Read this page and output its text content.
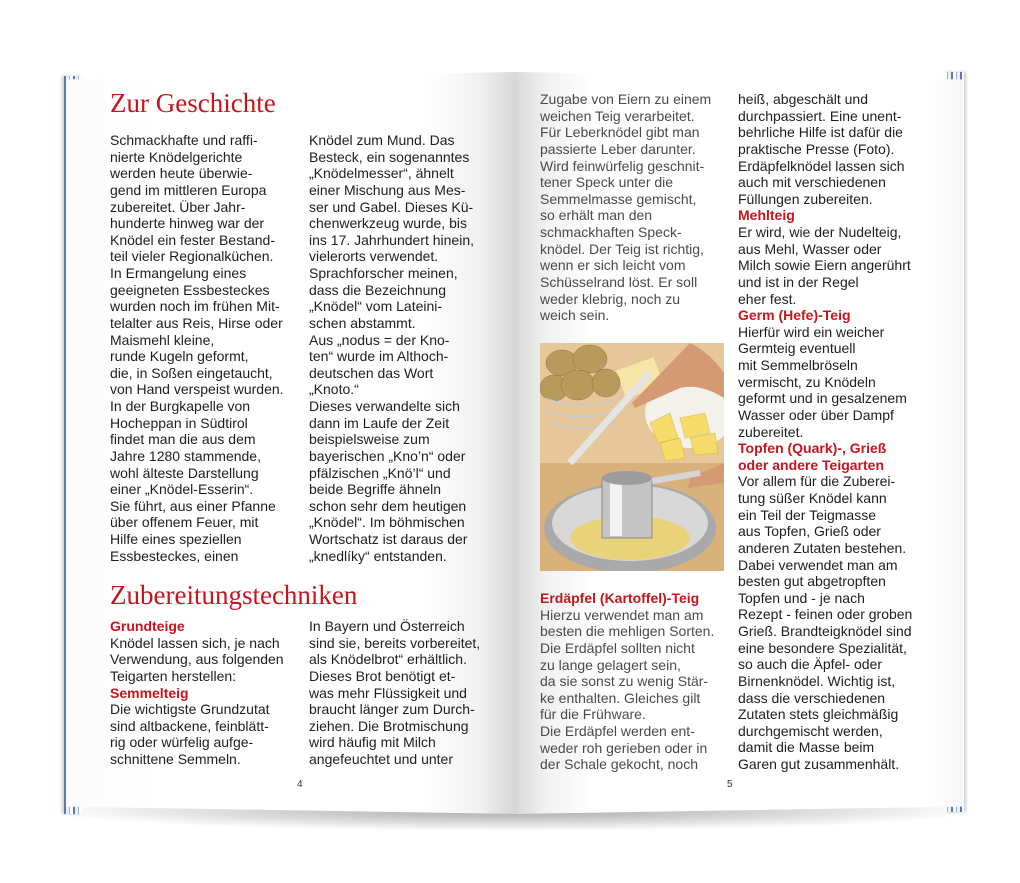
Zur Geschichte
Schmackhafte und raffi-
nierte Knödelgerichte
werden heute überwie-
gend im mittleren Europa
zubereitet. Über Jahr-
hunderte hinweg war der
Knödel ein fester Bestand-
teil vieler Regionalküchen.
In Ermangelung eines
geeigneten Essbesteckes
wurden noch im frühen Mit-
telalter aus Reis, Hirse oder
Maismehl kleine,
runde Kugeln geformt,
die, in Soßen eingetaucht,
von Hand verspeist wurden.
In der Burgkapelle von
Hocheppan in Südtirol
findet man die aus dem
Jahre 1280 stammende,
wohl älteste Darstellung
einer „Knödel-Esserin“.
Sie führt, aus einer Pfanne
über offenem Feuer, mit
Hilfe eines speziellen
Essbesteckes, einen
Knödel zum Mund. Das
Besteck, ein sogenanntes
„Knödelmesser“, ähnelt
einer Mischung aus Mes-
ser und Gabel. Dieses Kü-
chenwerkzeug wurde, bis
ins 17. Jahrhundert hinein,
vielerorts verwendet.
Sprachforscher meinen,
dass die Bezeichnung
„Knödel“ vom Lateini-
schen abstammt.
Aus „nodus = der Kno-
ten“ wurde im Althoch-
deutschen das Wort
„Knoto.“
Dieses verwandelte sich
dann im Laufe der Zeit
beispielsweise zum
bayerischen „Kno’n“ oder
pfälzischen „Knö’l“ und
beide Begriffe ähneln
schon sehr dem heutigen
„Knödel“. Im böhmischen
Wortschatz ist daraus der
„knedlíky“ entstanden.
Zubereitungstechniken
Grundteige
Knödel lassen sich, je nach
Verwendung, aus folgenden
Teigarten herstellen:
Semmelteig
Die wichtigste Grundzutat
sind altbackene, feinblätt-
rig oder würfelig aufge-
schnittene Semmeln.
In Bayern und Österreich
sind sie, bereits vorbereitet,
als Knödelbrot“ erhältlich.
Dieses Brot benötigt et-
was mehr Flüssigkeit und
braucht länger zum Durch-
ziehen. Die Brotmischung
wird häufig mit Milch
angefeuchtet und unter
4
Zugabe von Eiern zu einem
weichen Teig verarbeitet.
Für Leberknödel gibt man
passierte Leber darunter.
Wird feinwürfelig geschnit-
tener Speck unter die
Semmelmasse gemischt,
so erhält man den
schmackhaften Speck-
knödel. Der Teig ist richtig,
wenn er sich leicht vom
Schüsselrand löst. Er soll
weder klebrig, noch zu
weich sein.
Erdäpfel (Kartoffel)-Teig
Hierzu verwendet man am
besten die mehligen Sorten.
Die Erdäpfel sollten nicht
zu lange gelagert sein,
da sie sonst zu wenig Stär-
ke enthalten. Gleiches gilt
für die Frühware.
Die Erdäpfel werden ent-
weder roh gerieben oder in
der Schale gekocht, noch
heiß, abgeschält und
durchpassiert. Eine unent-
behrliche Hilfe ist dafür die
praktische Presse (Foto).
Erdäpfelknödel lassen sich
auch mit verschiedenen
Füllungen zubereiten.
Mehlteig
Er wird, wie der Nudelteig,
aus Mehl, Wasser oder
Milch sowie Eiern angerührt
und ist in der Regel
eher fest.
Germ (Hefe)-Teig
Hierfür wird ein weicher
Germteig eventuell
mit Semmelbröseln
vermischt, zu Knödeln
geformt und in gesalzenem
Wasser oder über Dampf
zubereitet.
Topfen (Quark)-, Grieß
oder andere Teigarten
Vor allem für die Zuberei-
tung süßer Knödel kann
ein Teil der Teigmasse
aus Topfen, Grieß oder
anderen Zutaten bestehen.
Dabei verwendet man am
besten gut abgetropften
Topfen und - je nach
Rezept - feinen oder groben
Grieß. Brandteigknödel sind
eine besondere Spezialität,
so auch die Äpfel- oder
Birnenknödel. Wichtig ist,
dass die verschiedenen
Zutaten stets gleichmäßig
durchgemischt werden,
damit die Masse beim
Garen gut zusammenhält.
5
